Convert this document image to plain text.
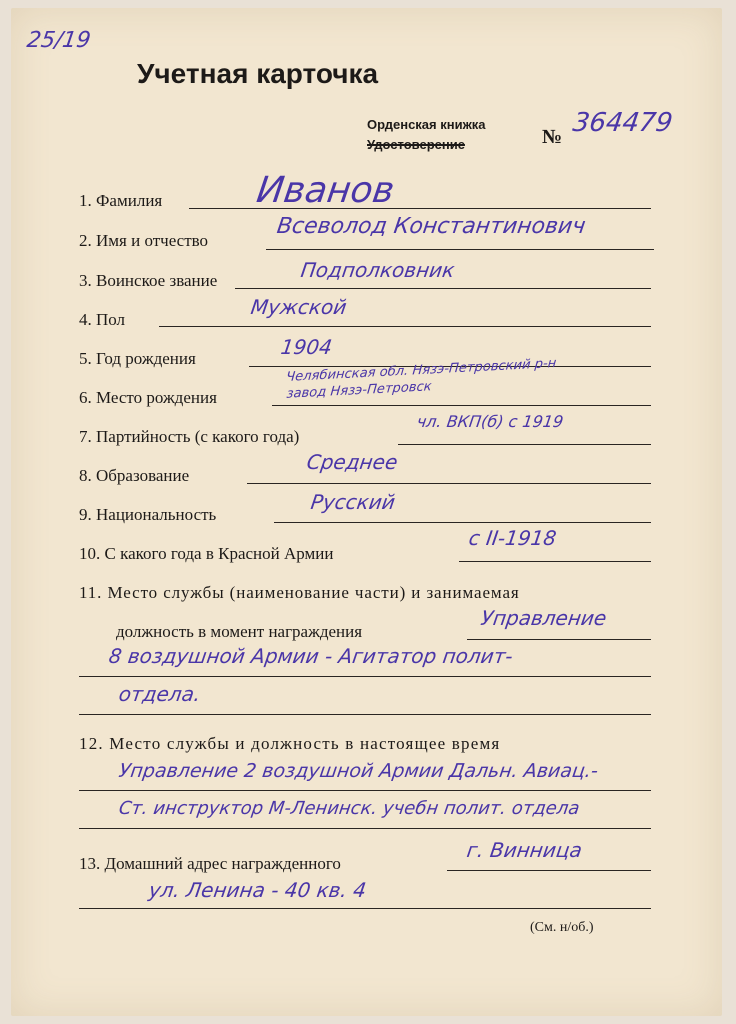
25/19
Учетная карточка
Орденская книжка
Удостоверение	№ 364479
1. Фамилия	Иванов
2. Имя и отчество
Всеволод Константинович
3. Воинское звание	Подполковник
4. Пол
Мужской
5. Год рождения	1904
6. Место рождения
Челябинская обл. Нязэ-Петровский р-н
завод Нязэ-Петровск
7. Партийность (с какого года)
чл. ВКП(б) с 1919
8. Образование
Среднее
9. Национальность
Русский
10. С какого года в Красной Армии
с II-1918
11. Место службы (наименование части) и занимаемая
должность в момент награждения
Управление
8 воздушной Армии - Агитатор полит-
отдела.
12. Место службы и должность в настоящее время
Управление 2 воздушной Армии Дальн. Авиац.-
Ст. инструктор М-Ленинск. учебн полит. отдела
13. Домашний адрес награжденного
г. Винница
ул. Ленина - 40 кв. 4
(См. н/об.)
